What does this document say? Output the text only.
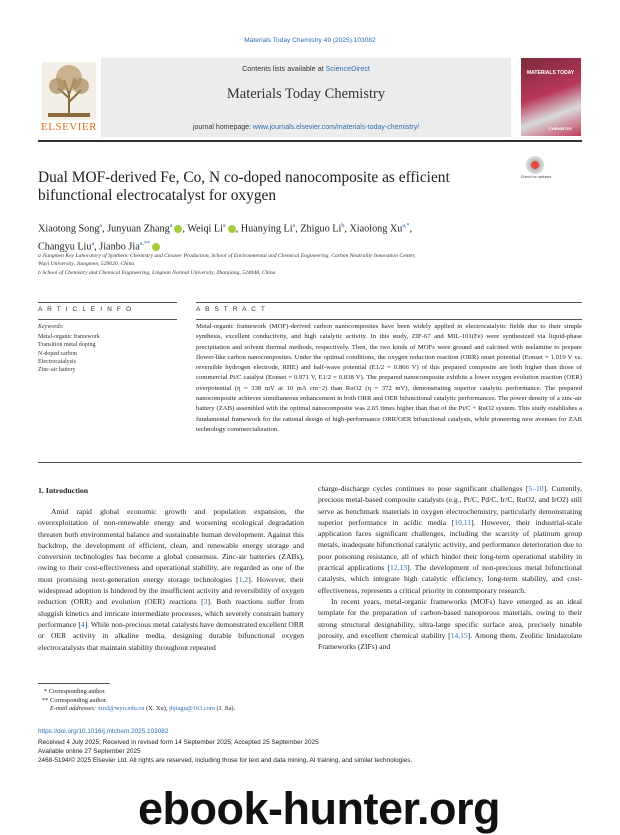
Materials Today Chemistry 49 (2025) 103082
ELSEVIER
Contents lists available at ScienceDirect
Materials Today Chemistry
journal homepage: www.journals.elsevier.com/materials-today-chemistry/
MATERIALS TODAY
CHEMISTRY
Dual MOF-derived Fe, Co, N co-doped nanocomposite as efficient bifunctional electrocatalyst for oxygen
Check for updates
Xiaotong Song$^a$, Junyuan Zhang$^a$ , Weiqi Li$^a$ , Huanying Li$^a$, Zhiguo Li$^b$, Xiaolong $Xu^{a,*}$,
Changyu Liu$^a$, Jianbo Jia$^{a,**}$
a Jiangmen Key Laboratory of Synthetic Chemistry and Cleaner Production, School of Environmental and Chemical Engineering, Carbon Neutrality Innovation Center,
Wuyi University, Jiangmen, 529020, China
b School of Chemistry and Chemical Engineering, Lingnan Normal University, Zhanjiang, 524048, China
A R T I C L E I N F O	A B S T R A C T
Keywords:
Metal-organic framework
Transition metal doping
N-doped carbon
Electrocatalysis
Zinc-air battery
Metal-organic framework (MOF)-derived carbon nanocomposites have been widely applied in electrocatalytic fields due to their simple synthesis, excellent conductivity, and high catalytic activity. In this study, ZIF-67 and MIL-101(Fe) were synthesized via liquid-phase precipitation and solvent thermal methods, respectively. Then, the two kinds of MOFs were ground and calcined with melamine to prepare flower-like carbon nanocomposites. Under the optimal conditions, the oxygen reduction reaction (ORR) onset potential (Eonset = 1.019 V vs. reversible hydrogen electrode, RHE) and half-wave potential (E1/2 = 0.866 V) of this prepared composite are both higher than those of commercial Pt/C catalyst (Eonset = 0.971 V, E1/2 = 0.838 V). The prepared nanocomposite exhibits a lower oxygen evolution reaction (OER) overpotential (η = 338 mV at 10 mA cm−2) than RuO2 (η = 372 mV), demonstrating superior catalytic performance. The prepared nanocomposite achieves simultaneous enhancement in both ORR and OER bifunctional catalytic performances. The power density of a zinc-air battery (ZAB) assembled with the optimal nanocomposite was 2.65 times higher than that of the Pt/C + RuO2 system. This study establishes a fundamental framework for the rational design of high-performance ORR/OER bifunctional catalysts, while pioneering new avenues for ZAB technology commercialization.
1. Introduction

Amid rapid global economic growth and population expansion, the overexploitation of non-renewable energy and worsening ecological degradation threaten both environmental balance and sustainable human development. Against this backdrop, the development of efficient, clean, and renewable energy storage and conversion technologies has become a global consensus. Zinc-air batteries (ZABs), owing to their cost-effectiveness and operational stability, are regarded as one of the most promising next-generation energy storage technologies [1,2]. However, their widespread adoption is hindered by the insufficient activity and reversibility of oxygen reduction (ORR) and evolution (OER) reactions [3]. Both reactions suffer from sluggish kinetics and intricate intermediate processes, which severely constrain battery performance [4]. While non-precious metal catalysts have demonstrated excellent ORR or OER activity in alkaline media, designing durable bifunctional oxygen electrocatalysts that maintain stability throughout repeated

charge-discharge cycles continues to pose significant challenges [5–10]. Currently, precious metal-based composite catalysts (e.g., Pt/C, Pd/C, Ir/C, RuO2, and IrO2) still serve as benchmark materials in oxygen electrochemistry, particularly demonstrating superior performance in acidic media [10,11]. However, their industrial-scale application faces significant challenges, including the scarcity of platinum group metals, inadequate bifunctional catalytic activity, and performance deterioration due to poor poisoning resistance, all of which hinder their long-term operational stability in practical applications [12,13]. The development of non-precious metal bifunctional catalysts, which integrate high catalytic efficiency, long-term stability, and cost-effectiveness, represents a critical priority in contemporary research.

In recent years, metal-organic frameworks (MOFs) have emerged as an ideal template for the preparation of carbon-based nanoporous materials, owing to their strong structural designability, ultra-large specific surface area, precisely tunable porosity, and excellent chemical stability [14,15]. Among them, Zeolitic Imidazolate Frameworks (ZIFs) and

* Corresponding author.
** Corresponding author.
E-mail addresses: xuxl@wyu.edu.cn (X. Xu), jbjiagu@163.com (J. Jia).
https://doi.org/10.1016/j.mtchem.2025.103082
Received 4 July 2025; Received in revised form 14 September 2025; Accepted 25 September 2025
Available online 27 September 2025
2468-5194/© 2025 Elsevier Ltd. All rights are reserved, including those for text and data mining, AI training, and similar technologies.
ebook-hunter.org
